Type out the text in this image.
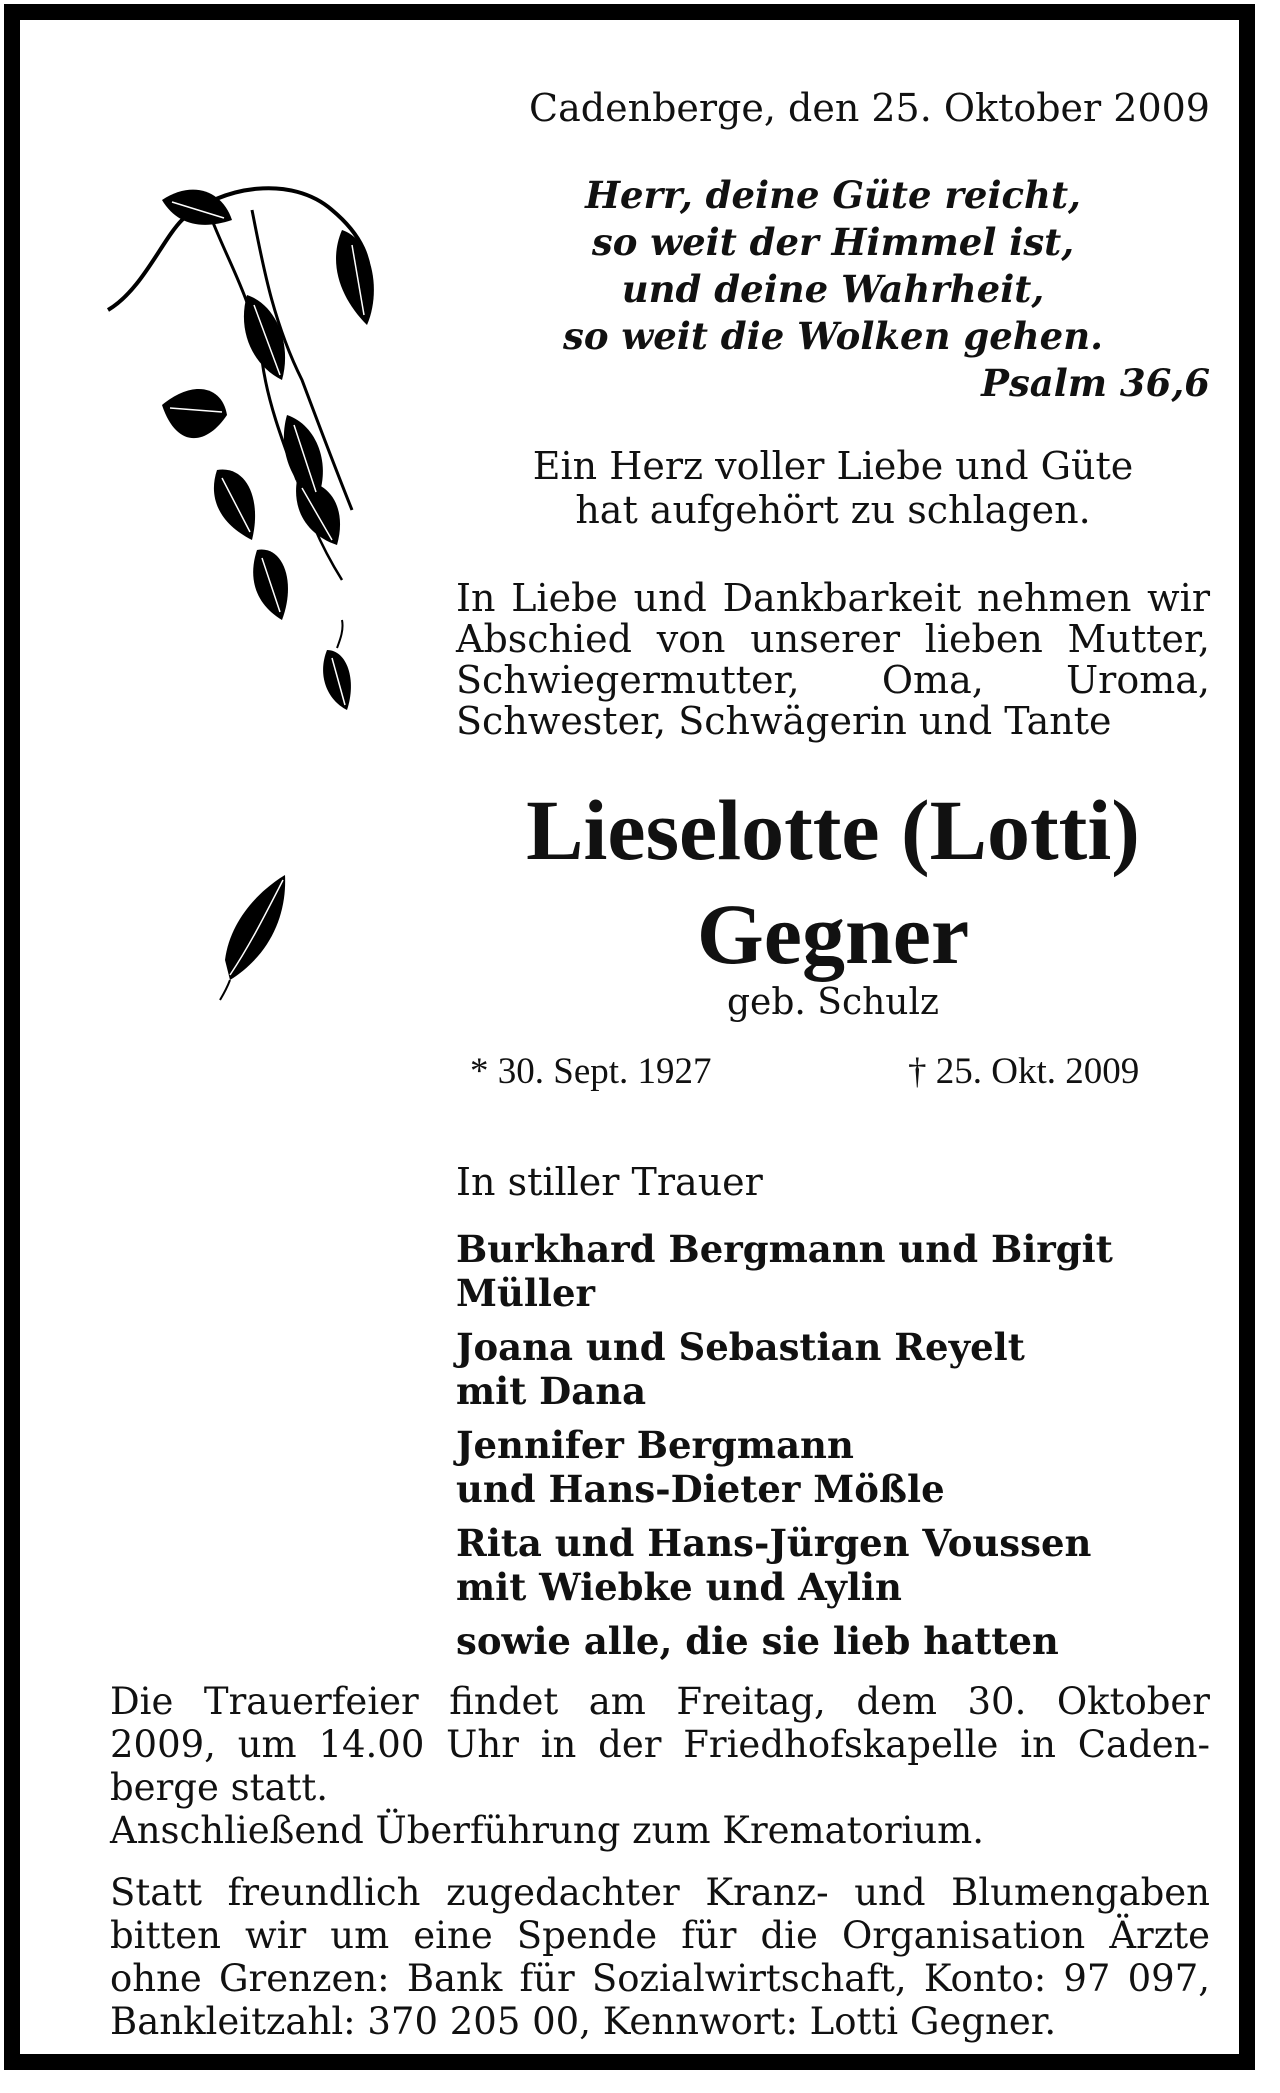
Cadenberge, den 25. Oktober 2009
Herr, deine Güte reicht,
so weit der Himmel ist,
und deine Wahrheit,
so weit die Wolken gehen.
Psalm 36,6
Ein Herz voller Liebe und Güte
hat aufgehört zu schlagen.
In Liebe und Dankbarkeit nehmen wir
Abschied von unserer lieben Mutter,
Schwiegermutter, Oma, Uroma,
Schwester, Schwägerin und Tante
Lieselotte (Lotti)
Gegner
geb. Schulz
* 30. Sept. 1927	† 25. Okt. 2009
In stiller Trauer
Burkhard Bergmann und Birgit Müller
Joana und Sebastian Reyelt
mit Dana
Jennifer Bergmann
und Hans-Dieter Mößle
Rita und Hans-Jürgen Voussen
mit Wiebke und Aylin
sowie alle, die sie lieb hatten
Die Trauerfeier findet am Freitag, dem 30. Oktober
2009, um 14.00 Uhr in der Friedhofskapelle in Caden-
berge statt.
Anschließend Überführung zum Krematorium.
Statt freundlich zugedachter Kranz- und Blumengaben
bitten wir um eine Spende für die Organisation Ärzte
ohne Grenzen: Bank für Sozialwirtschaft, Konto: 97 097,
Bankleitzahl: 370 205 00, Kennwort: Lotti Gegner.
